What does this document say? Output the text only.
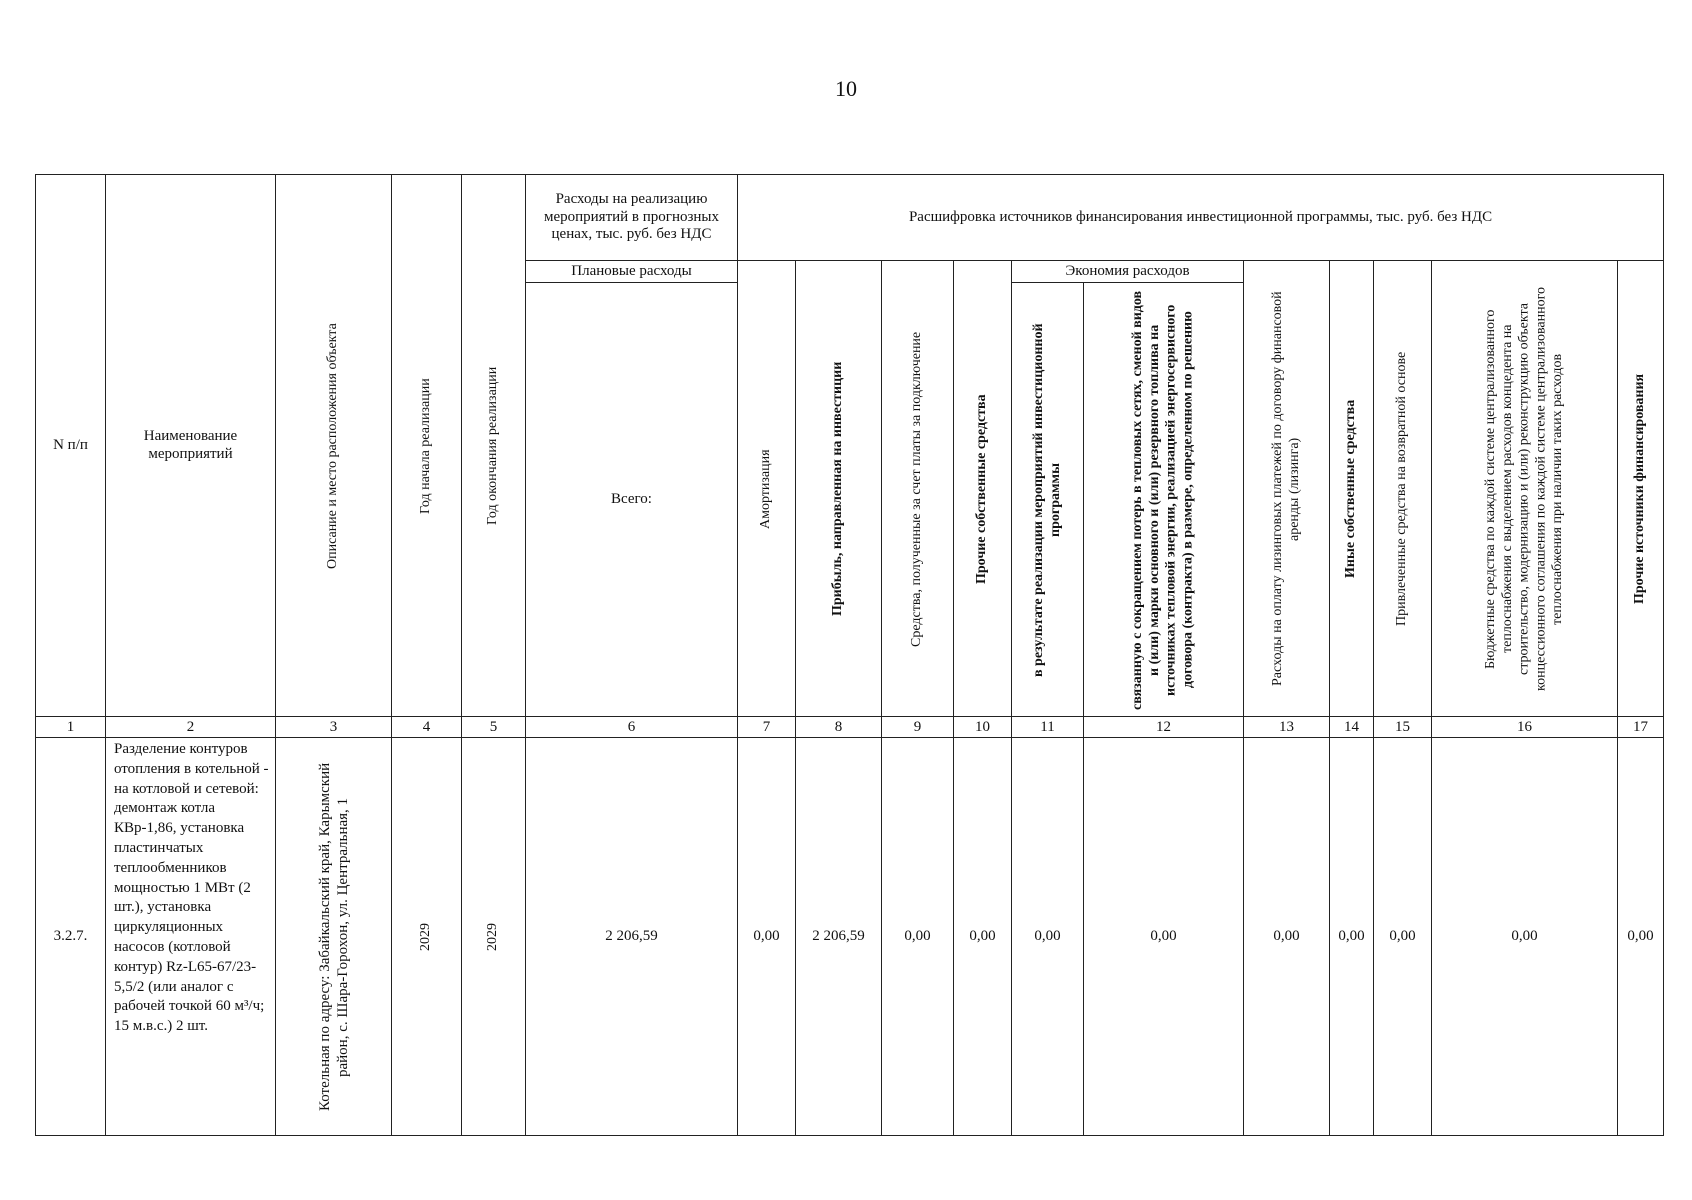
10
N п/п	Наименование мероприятий	Описание и место расположения объекта	Год начала реализации	Год окончания реализации	Расходы на реализацию мероприятий в прогнозных ценах, тыс. руб. без НДС	Расшифровка источников финансирования инвестиционной программы, тыс. руб. без НДС										

					Плановые расходы	Амортизация	Прибыль, направленная на инвестиции	Средства, полученные за счет платы за подключение	Прочие собственные средства	Экономия расходов		Расходы на оплату лизинговых платежей по договору финансовой аренды (лизинга)	Иные собственные средства	Привлеченные средства на возвратной основе	Бюджетные средства по каждой системе централизованного теплоснабжения с выделением расходов концедента на строительство, модернизацию и (или) реконструкцию объекта концессионного соглашения по каждой системе централизованного теплоснабжения при наличии таких расходов	Прочие источники финансирования

					Всего:					в результате реализации мероприятий инвестиционной программы	связанную с сокращением потерь в тепловых сетях, сменой видов и (или) марки основного и (или) резервного топлива на источниках тепловой энергии, реализацией энергосервисного договора (контракта) в размере, определенном по решению					

1	2	3	4	5	6	7	8	9	10	11	12	13	14	15	16	17
3.2.7.	Разделение контуров отопления в котельной - на котловой и сетевой: демонтаж котла КВр-1,86, установка пластинчатых теплообменников мощностью 1 МВт (2 шт.), установка циркуляционных насосов (котловой контур) Rz-L65-67/23-5,5/2 (или аналог с рабочей точкой 60 м³/ч; 15 м.в.с.) 2 шт.	Котельная по адресу: Забайкальский край, Карымский район, с. Шара-Горохон, ул. Центральная, 1	2029	2029	2 206,59	0,00	2 206,59	0,00	0,00	0,00	0,00	0,00	0,00	0,00	0,00	0,00
